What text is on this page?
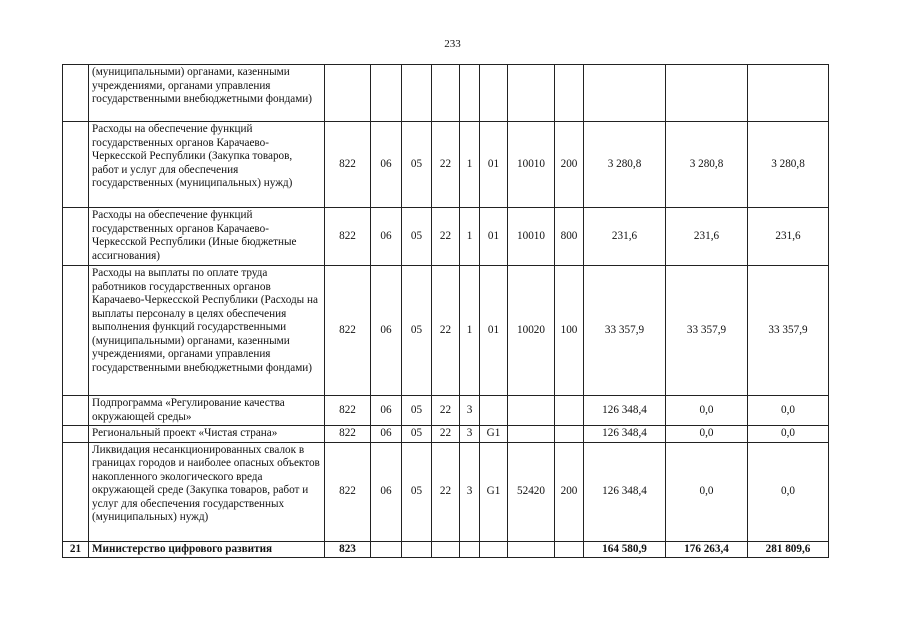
233
	(муниципальными) органами, казенными учреждениями, органами управления государственными внебюджетными фондами)											
	Расходы на обеспечение функций государственных органов Карачаево-Черкесской Республики (Закупка товаров, работ и услуг для обеспечения государственных (муниципальных) нужд)	822	06	05	22	1	01	10010	200	3 280,8	3 280,8	3 280,8
	Расходы на обеспечение функций государственных органов Карачаево-Черкесской Республики (Иные бюджетные ассигнования)	822	06	05	22	1	01	10010	800	231,6	231,6	231,6
	Расходы на выплаты по оплате труда работников государственных органов Карачаево-Черкесской Республики (Расходы на выплаты персоналу в целях обеспечения выполнения функций государственными (муниципальными) органами, казенными учреждениями, органами управления государственными внебюджетными фондами)	822	06	05	22	1	01	10020	100	33 357,9	33 357,9	33 357,9
	Подпрограмма «Регулирование качества окружающей среды»	822	06	05	22	3				126 348,4	0,0	0,0
	Региональный проект «Чистая страна»	822	06	05	22	3	G1			126 348,4	0,0	0,0
	Ликвидация несанкционированных свалок в границах городов и наиболее опасных объектов накопленного экологического вреда окружающей среде (Закупка товаров, работ и услуг для обеспечения государственных (муниципальных) нужд)	822	06	05	22	3	G1	52420	200	126 348,4	0,0	0,0
21	Министерство цифрового развития	823								164 580,9	176 263,4	281 809,6
